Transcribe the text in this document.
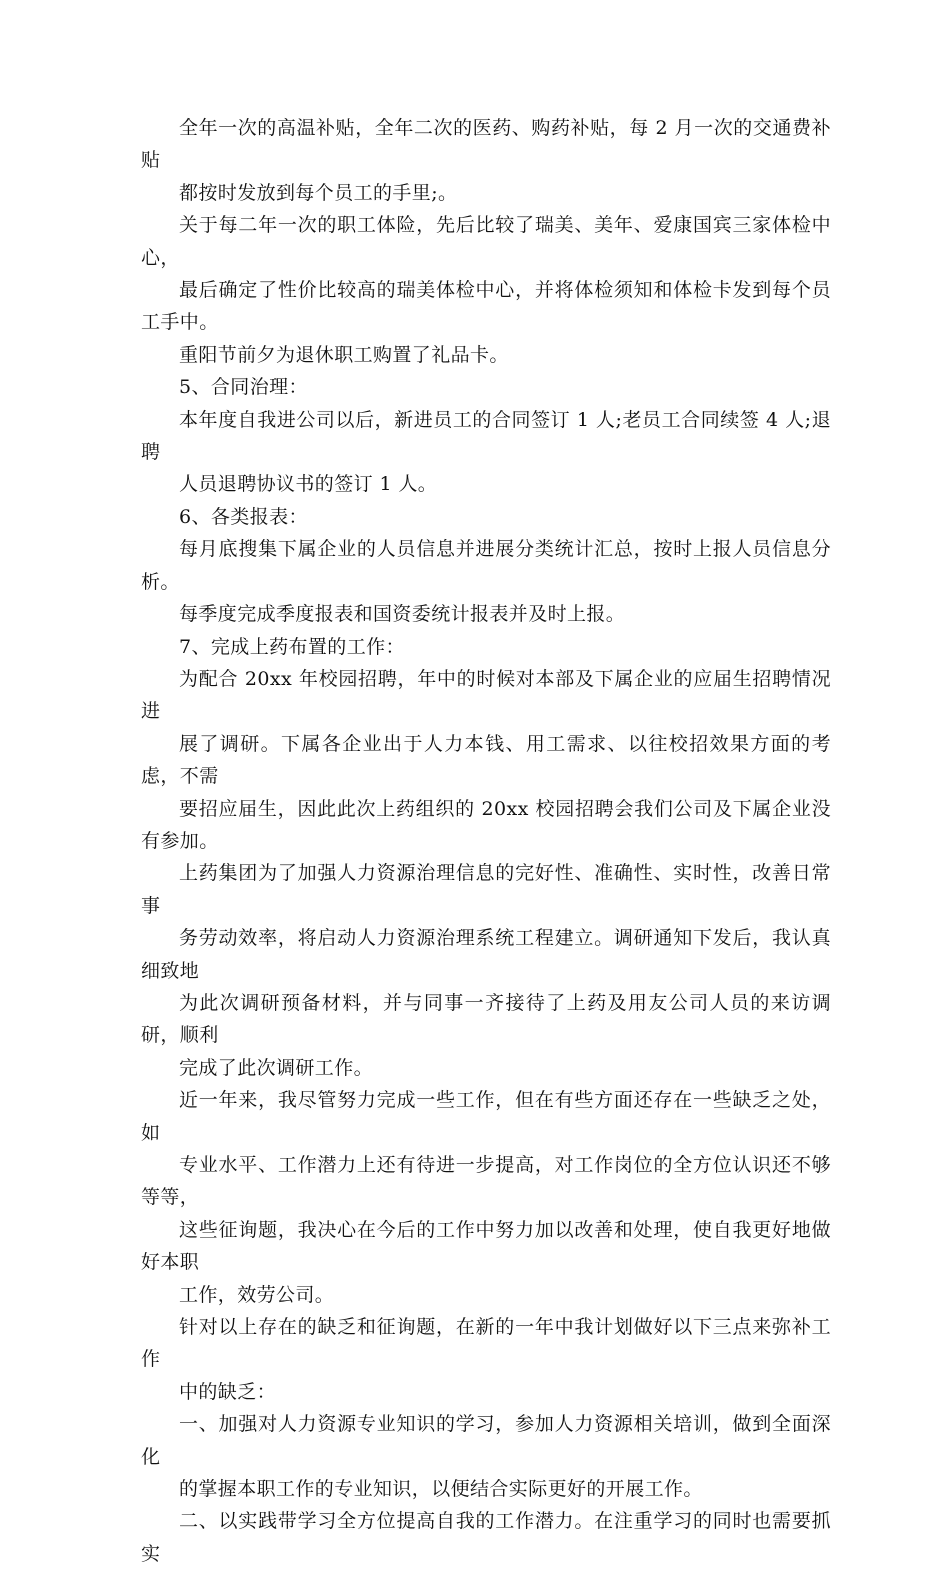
全年一次的高温补贴，全年二次的医药、购药补贴，每 2 月一次的交通费补贴
都按时发放到每个员工的手里;。

关于每二年一次的职工体险，先后比较了瑞美、美年、爱康国宾三家体检中心，
最后确定了性价比较高的瑞美体检中心，并将体检须知和体检卡发到每个员工手中。
重阳节前夕为退休职工购置了礼品卡。

5、合同治理：

本年度自我进公司以后，新进员工的合同签订 1 人;老员工合同续签 4 人;退聘
人员退聘协议书的签订 1 人。

6、各类报表：

每月底搜集下属企业的人员信息并进展分类统计汇总，按时上报人员信息分析。
每季度完成季度报表和国资委统计报表并及时上报。

7、完成上药布置的工作：

为配合 20xx 年校园招聘，年中的时候对本部及下属企业的应届生招聘情况进
展了调研。下属各企业出于人力本钱、用工需求、以往校招效果方面的考虑，不需
要招应届生，因此此次上药组织的 20xx 校园招聘会我们公司及下属企业没有参加。

上药集团为了加强人力资源治理信息的完好性、准确性、实时性，改善日常事
务劳动效率，将启动人力资源治理系统工程建立。调研通知下发后，我认真细致地
为此次调研预备材料，并与同事一齐接待了上药及用友公司人员的来访调研，顺利
完成了此次调研工作。

近一年来，我尽管努力完成一些工作，但在有些方面还存在一些缺乏之处，如
专业水平、工作潜力上还有待进一步提高，对工作岗位的全方位认识还不够等等，
这些征询题，我决心在今后的工作中努力加以改善和处理，使自我更好地做好本职
工作，效劳公司。

针对以上存在的缺乏和征询题，在新的一年中我计划做好以下三点来弥补工作
中的缺乏：

一、加强对人力资源专业知识的学习，参加人力资源相关培训，做到全面深化
的掌握本职工作的专业知识，以便结合实际更好的开展工作。

二、以实践带学习全方位提高自我的工作潜力。在注重学习的同时也需要抓实
